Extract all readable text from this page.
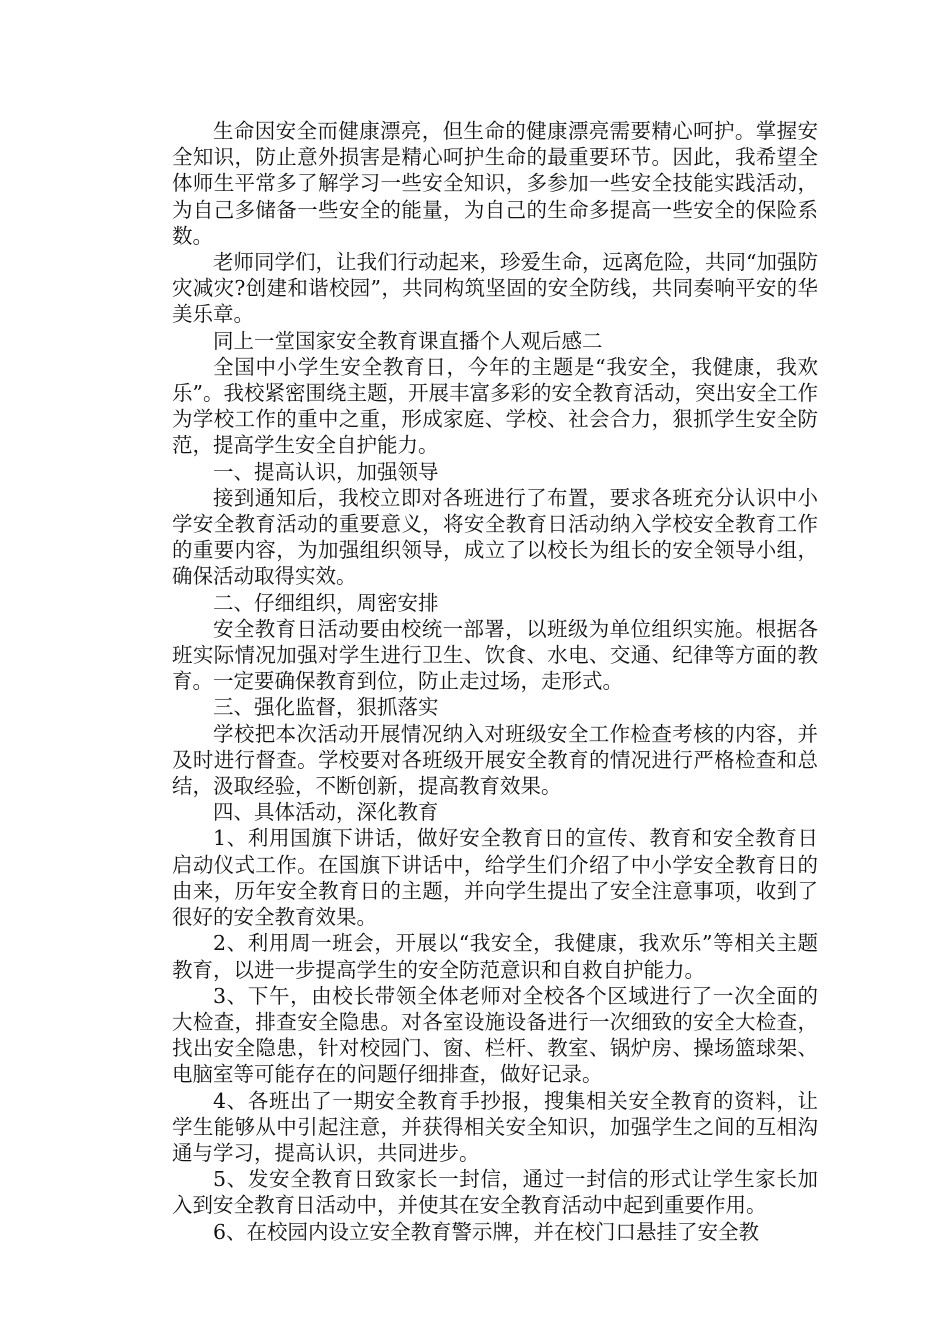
生命因安全而健康漂亮，但生命的健康漂亮需要精心呵护。掌握安全知识，防止意外损害是精心呵护生命的最重要环节。因此，我希望全体师生平常多了解学习一些安全知识，多参加一些安全技能实践活动，为自己多储备一些安全的能量，为自己的生命多提高一些安全的保险系数。

老师同学们，让我们行动起来，珍爱生命，远离危险，共同“加强防灾减灾?创建和谐校园”，共同构筑坚固的安全防线，共同奏响平安的华美乐章。

同上一堂国家安全教育课直播个人观后感二

全国中小学生安全教育日，今年的主题是“我安全，我健康，我欢乐”。我校紧密围绕主题，开展丰富多彩的安全教育活动，突出安全工作为学校工作的重中之重，形成家庭、学校、社会合力，狠抓学生安全防范，提高学生安全自护能力。

一、提高认识，加强领导

接到通知后，我校立即对各班进行了布置，要求各班充分认识中小学安全教育活动的重要意义，将安全教育日活动纳入学校安全教育工作的重要内容，为加强组织领导，成立了以校长为组长的安全领导小组，确保活动取得实效。

二、仔细组织，周密安排

安全教育日活动要由校统一部署，以班级为单位组织实施。根据各班实际情况加强对学生进行卫生、饮食、水电、交通、纪律等方面的教育。一定要确保教育到位，防止走过场，走形式。

三、强化监督，狠抓落实

学校把本次活动开展情况纳入对班级安全工作检查考核的内容，并及时进行督查。学校要对各班级开展安全教育的情况进行严格检查和总结，汲取经验，不断创新，提高教育效果。

四、具体活动，深化教育

1、利用国旗下讲话，做好安全教育日的宣传、教育和安全教育日启动仪式工作。在国旗下讲话中，给学生们介绍了中小学安全教育日的由来，历年安全教育日的主题，并向学生提出了安全注意事项，收到了很好的安全教育效果。

2、利用周一班会，开展以“我安全，我健康，我欢乐”等相关主题教育，以进一步提高学生的安全防范意识和自救自护能力。

3、下午，由校长带领全体老师对全校各个区域进行了一次全面的大检查，排查安全隐患。对各室设施设备进行一次细致的安全大检查，找出安全隐患，针对校园门、窗、栏杆、教室、锅炉房、操场篮球架、电脑室等可能存在的问题仔细排查，做好记录。

4、各班出了一期安全教育手抄报，搜集相关安全教育的资料，让学生能够从中引起注意，并获得相关安全知识，加强学生之间的互相沟通与学习，提高认识，共同进步。

5、发安全教育日致家长一封信，通过一封信的形式让学生家长加入到安全教育日活动中，并使其在安全教育活动中起到重要作用。

6、在校园内设立安全教育警示牌，并在校门口悬挂了安全教
